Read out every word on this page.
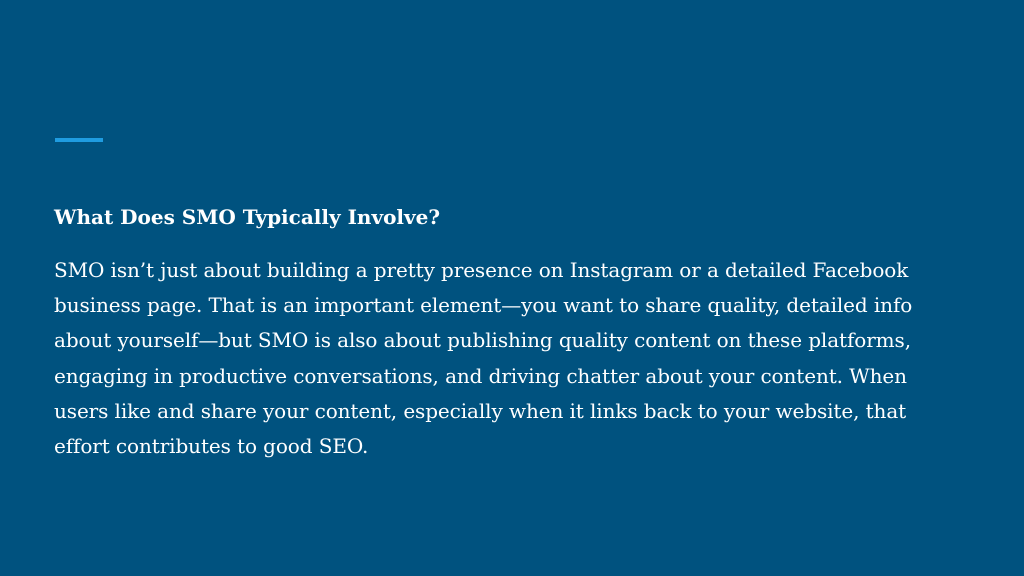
What Does SMO Typically Involve?

SMO isn’t just about building a pretty presence on Instagram or a detailed Facebook business page. That is an important element—you want to share quality, detailed info about yourself—but SMO is also about publishing quality content on these platforms, engaging in productive conversations, and driving chatter about your content. When users like and share your content, especially when it links back to your website, that effort contributes to good SEO.
